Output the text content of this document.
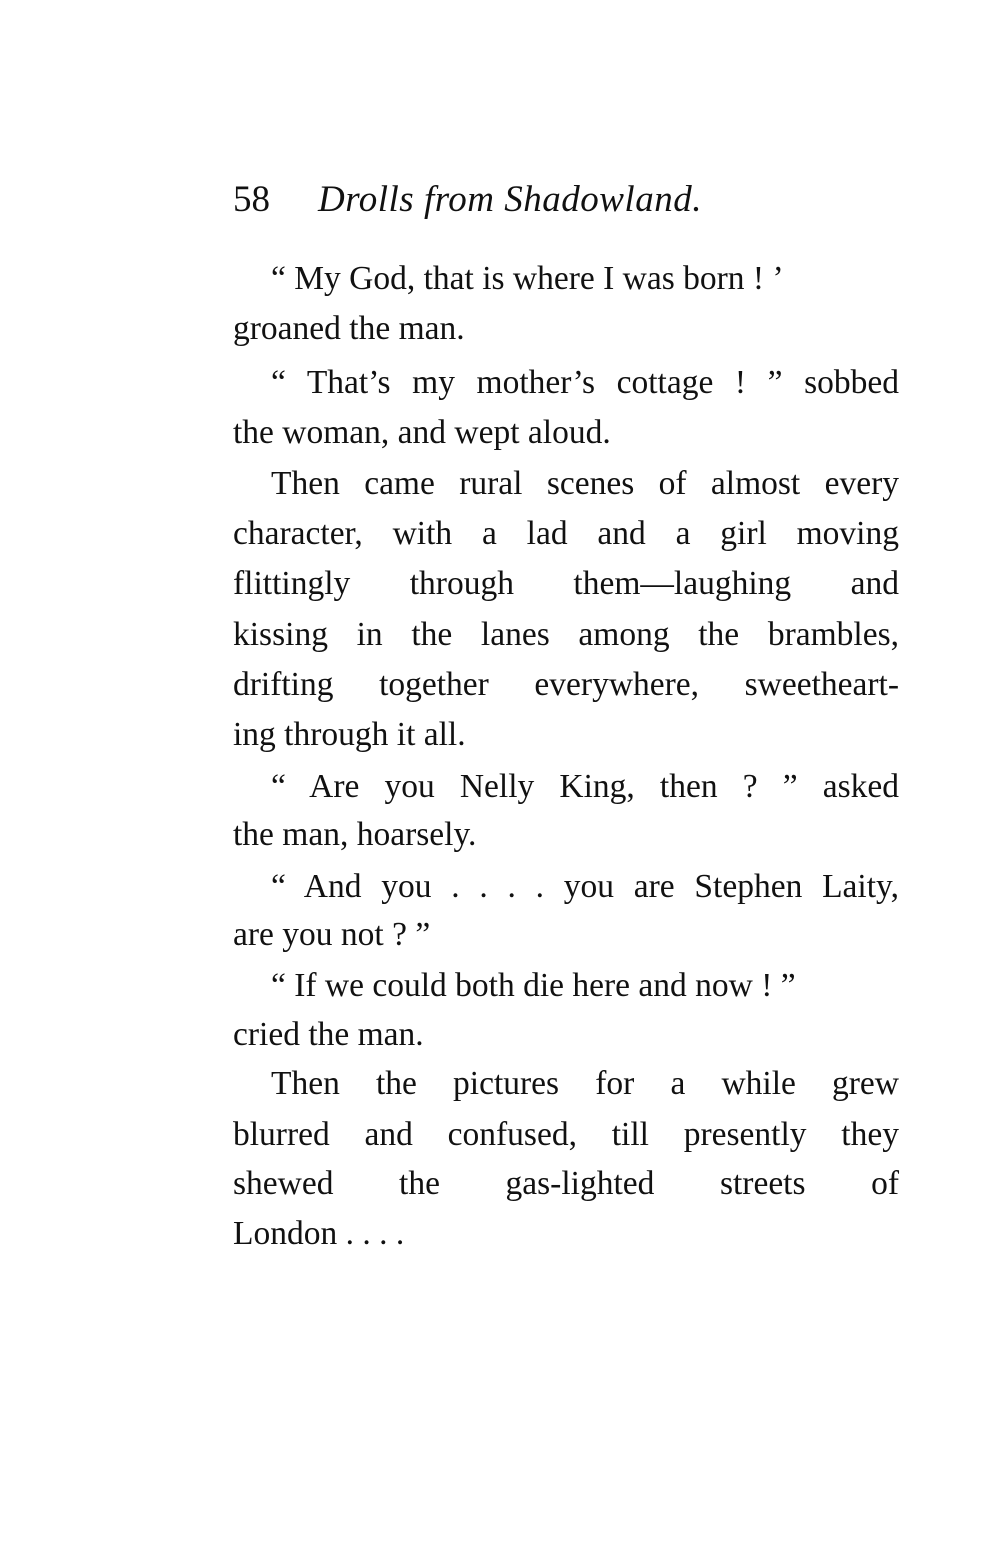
58 Drolls from Shadowland.
“ My God, that is where I was born ! ’
groaned the man.
“ That’s my mother’s cottage ! ” sobbed
the woman, and wept aloud.
Then came rural scenes of almost every
character, with a lad and a girl moving
flittingly through them—laughing and
kissing in the lanes among the brambles,
drifting together everywhere, sweetheart-
ing through it all.
“ Are you Nelly King, then ? ” asked
the man, hoarsely.
“ And you . . . . you are Stephen Laity,
are you not ? ”
“ If we could both die here and now ! ”
cried the man.
Then the pictures for a while grew
blurred and confused, till presently they
shewed the gas-lighted streets of
London . . . .
